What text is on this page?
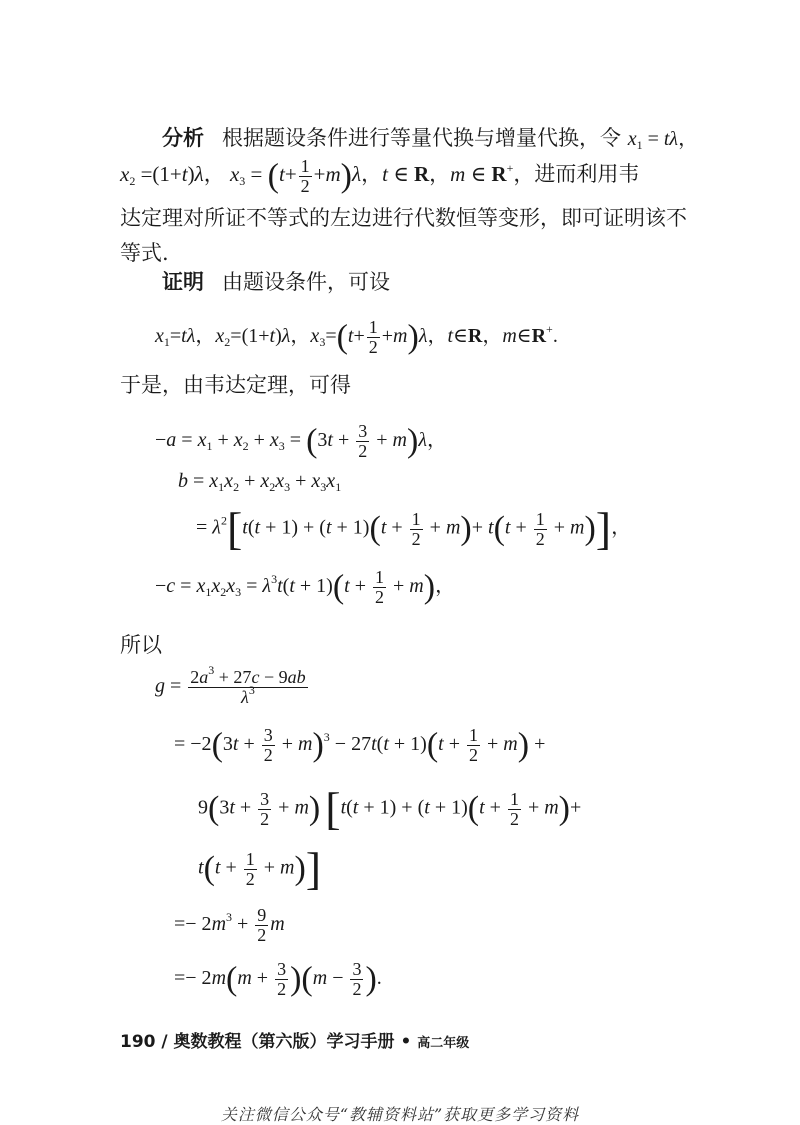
分析 根据题设条件进行等量代换与增量代换，令 $x_1 = t\lambda$，
$x_2 =(1+t)\lambda$， $x_3 = (t+ \frac{1}{2} +m)\lambda$，t ∈ R，m ∈ R+，进而利用韦
达定理对所证不等式的左边进行代数恒等变形，即可证明该不
等式.
证明 由题设条件，可设
$x_1=t\lambda$，$x_2=(1+t)\lambda$，$x_3=(t+ \frac{1}{2} +m)\lambda$，t∈R，m∈R+.
于是，由韦达定理，可得
$-a = x_1 + x_2 + x_3 = (3t + \frac{3}{2} + m)\lambda$，
$b = x_1x_2 + x_2x_3 + x_3x_1$
= $\lambda^2[t(t + 1) + (t + 1)(t + \frac{1}{2} + m)+ t(t + \frac{1}{2} + m)]$，
$-c = x_1x_2x_3 = \lambda^3t(t + 1)(t + \frac{1}{2} + m)$，
所以
$g = \frac{2a^3 + 27c - 9ab}{\lambda^3}$
= $-2(3t + \frac{3}{2} + m)^3 - 27t(t + 1)(t + \frac{1}{2} + m)$ +
$9(3t + \frac{3}{2} + m)$ [$t(t + 1) + (t + 1)(t + \frac{1}{2} + m)+$
$t(t + \frac{1}{2} + m)$]
=− $2m^3 + \frac{9}{2}$ m
=− $2m(m + \frac{3}{2} )(m - \frac{3}{2}$ ).
190 / 奥数教程（第六版）学习手册 • 高二年级
关注微信公众号“教辅资料站”获取更多学习资料
